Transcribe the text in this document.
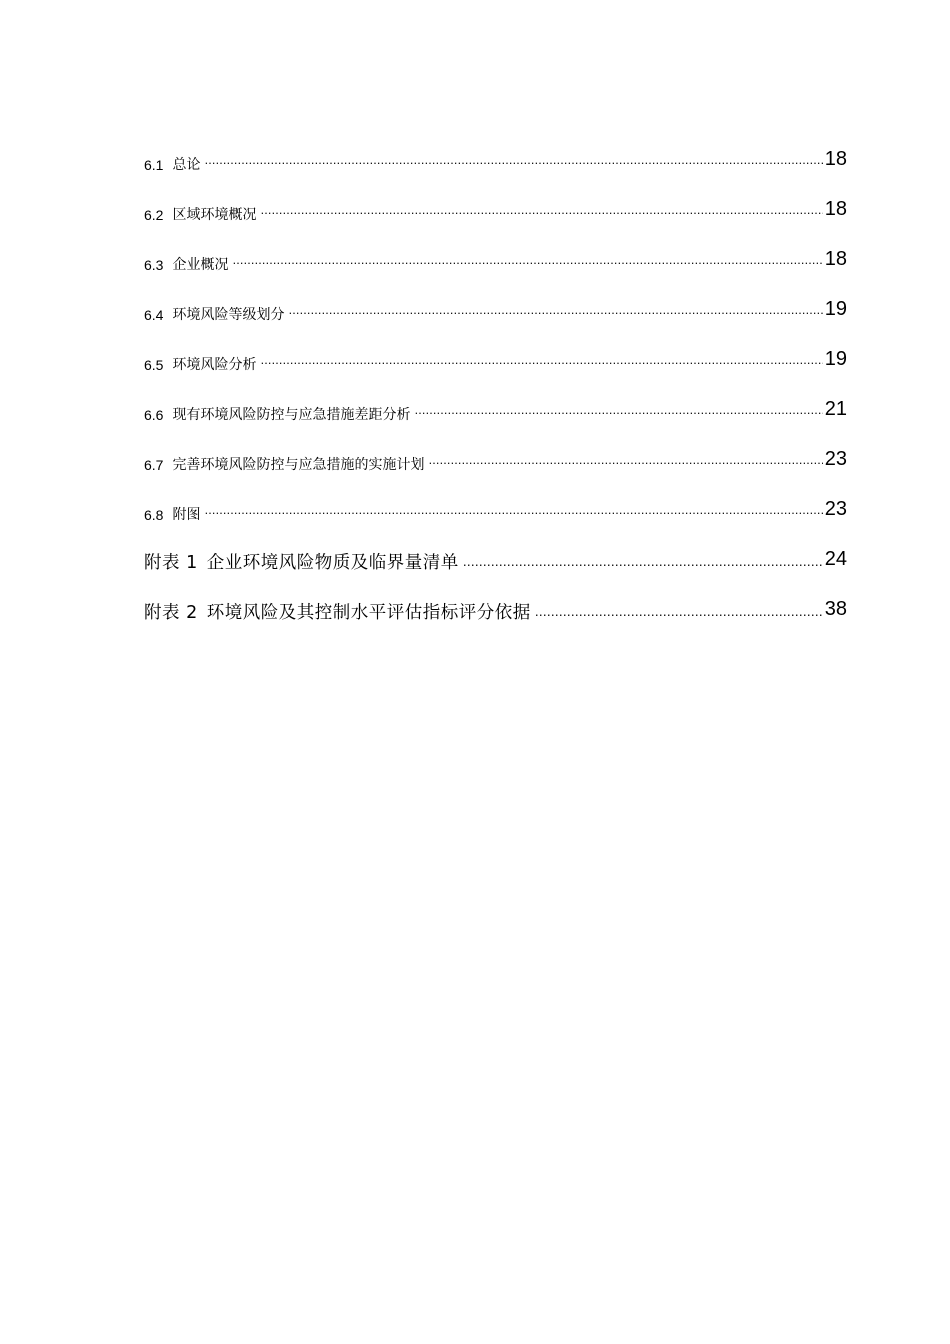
6.1 总论 …………………………………………………………………………………………………………………………………………………………………………	18
6.2 区域环境概况 …………………………………………………………………………………………………………………………………………………………………………	18
6.3 企业概况 …………………………………………………………………………………………………………………………………………………………………………	18
6.4 环境风险等级划分 …………………………………………………………………………………………………………………………………………………………………………	19
6.5 环境风险分析 …………………………………………………………………………………………………………………………………………………………………………	19
6.6 现有环境风险防控与应急措施差距分析 …………………………………………………………………………………………………………………………………………………………………………	21
6.7 完善环境风险防控与应急措施的实施计划 …………………………………………………………………………………………………………………………………………………………………………	23
6.8 附图 …………………………………………………………………………………………………………………………………………………………………………	23
附表 1 企业环境风险物质及临界量清单 …………………………………………………………………………………………………………………………………………………………………………	24
附表 2 环境风险及其控制水平评估指标评分依据 …………………………………………………………………………………………………………………………………………………………………………	38
